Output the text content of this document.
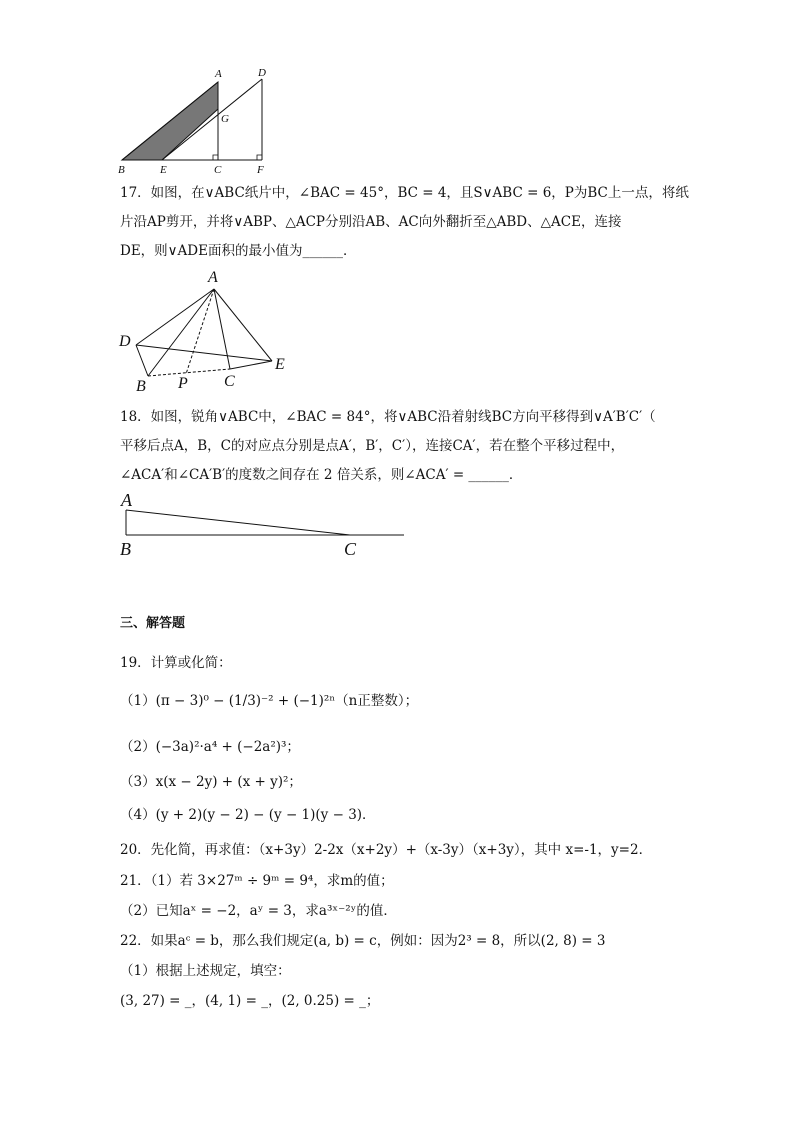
A	D
G
B	E	C	F
17．如图，在∨ABC纸片中，∠BAC = 45°，BC = 4，且S∨ABC = 6，P为BC上一点，将纸
片沿AP剪开，并将∨ABP、△ACP分别沿AB、AC向外翻折至△ABD、△ACE，连接
DE，则∨ADE面积的最小值为______．
A
D
E
B P C
18．如图，锐角∨ABC中，∠BAC = 84°，将∨ABC沿着射线BC方向平移得到∨A′B′C′（
平移后点A，B，C的对应点分别是点A′，B′，C′），连接CA′，若在整个平移过程中，
∠ACA′和∠CA′B′的度数之间存在 2 倍关系，则∠ACA′ = ______．
A
B	C
三、解答题
19．计算或化简：
（1）(π − 3)⁰ − (1/3)⁻² + (−1)²ⁿ（n正整数）；
（2）(−3a)²·a⁴ + (−2a²)³；
（3）x(x − 2y) + (x + y)²；
（4）(y + 2)(y − 2) − (y − 1)(y − 3)．
20．先化简，再求值：（x+3y）2-2x（x+2y）+（x-3y）（x+3y），其中 x=-1，y=2．
21．（1）若 3×27ᵐ ÷ 9ᵐ = 9⁴，求m的值；
（2）已知aˣ = −2，aʸ = 3，求a³ˣ⁻²ʸ的值．
22．如果aᶜ = b，那么我们规定(a, b) = c，例如：因为2³ = 8，所以(2, 8) = 3
（1）根据上述规定，填空：
(3, 27) = _，(4, 1) = _，(2, 0.25) = _；
